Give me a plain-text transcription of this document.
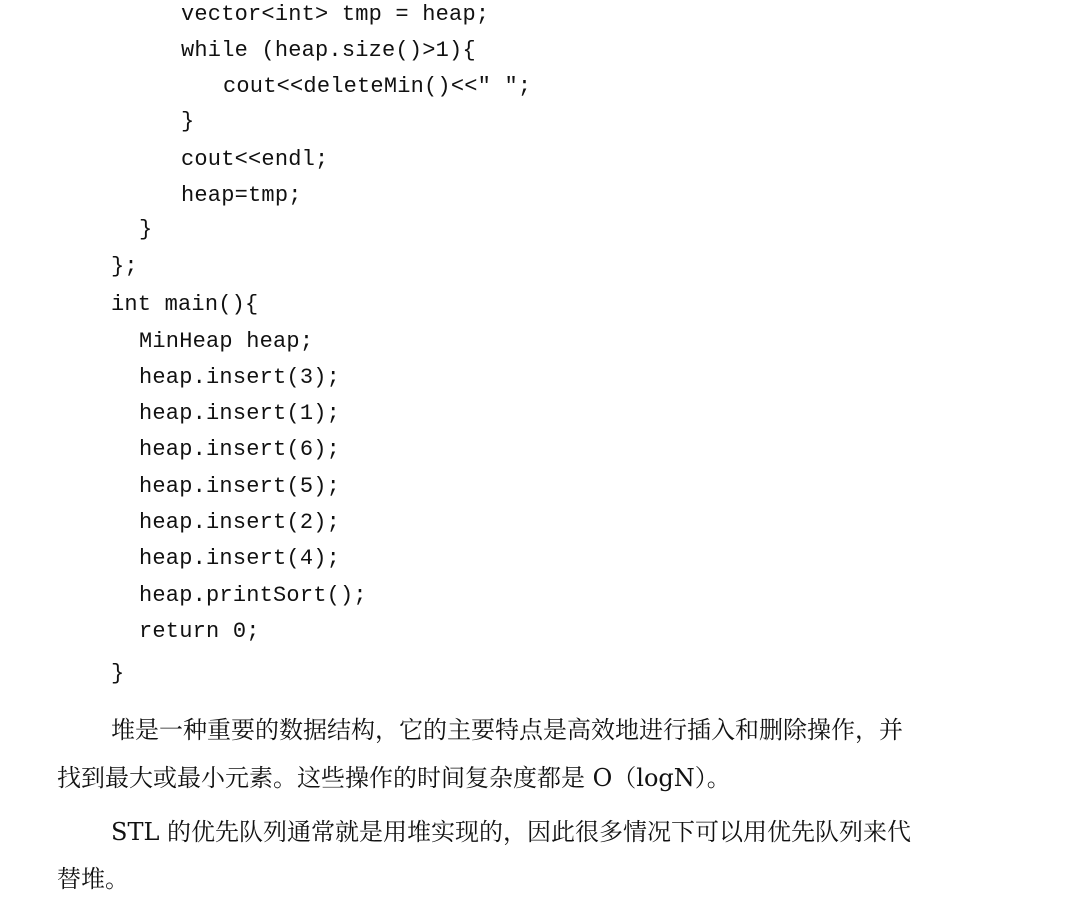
vector<int> tmp = heap;
while (heap.size()>1){
cout<<deleteMin()<<" ";
}
cout<<endl;
heap=tmp;
}
};
int main(){
MinHeap heap;
heap.insert(3);
heap.insert(1);
heap.insert(6);
heap.insert(5);
heap.insert(2);
heap.insert(4);
heap.printSort();
return 0;
}
堆是一种重要的数据结构，它的主要特点是高效地进行插入和删除操作，并
找到最大或最小元素。这些操作的时间复杂度都是 O（logN）。
STL 的优先队列通常就是用堆实现的，因此很多情况下可以用优先队列来代
替堆。
